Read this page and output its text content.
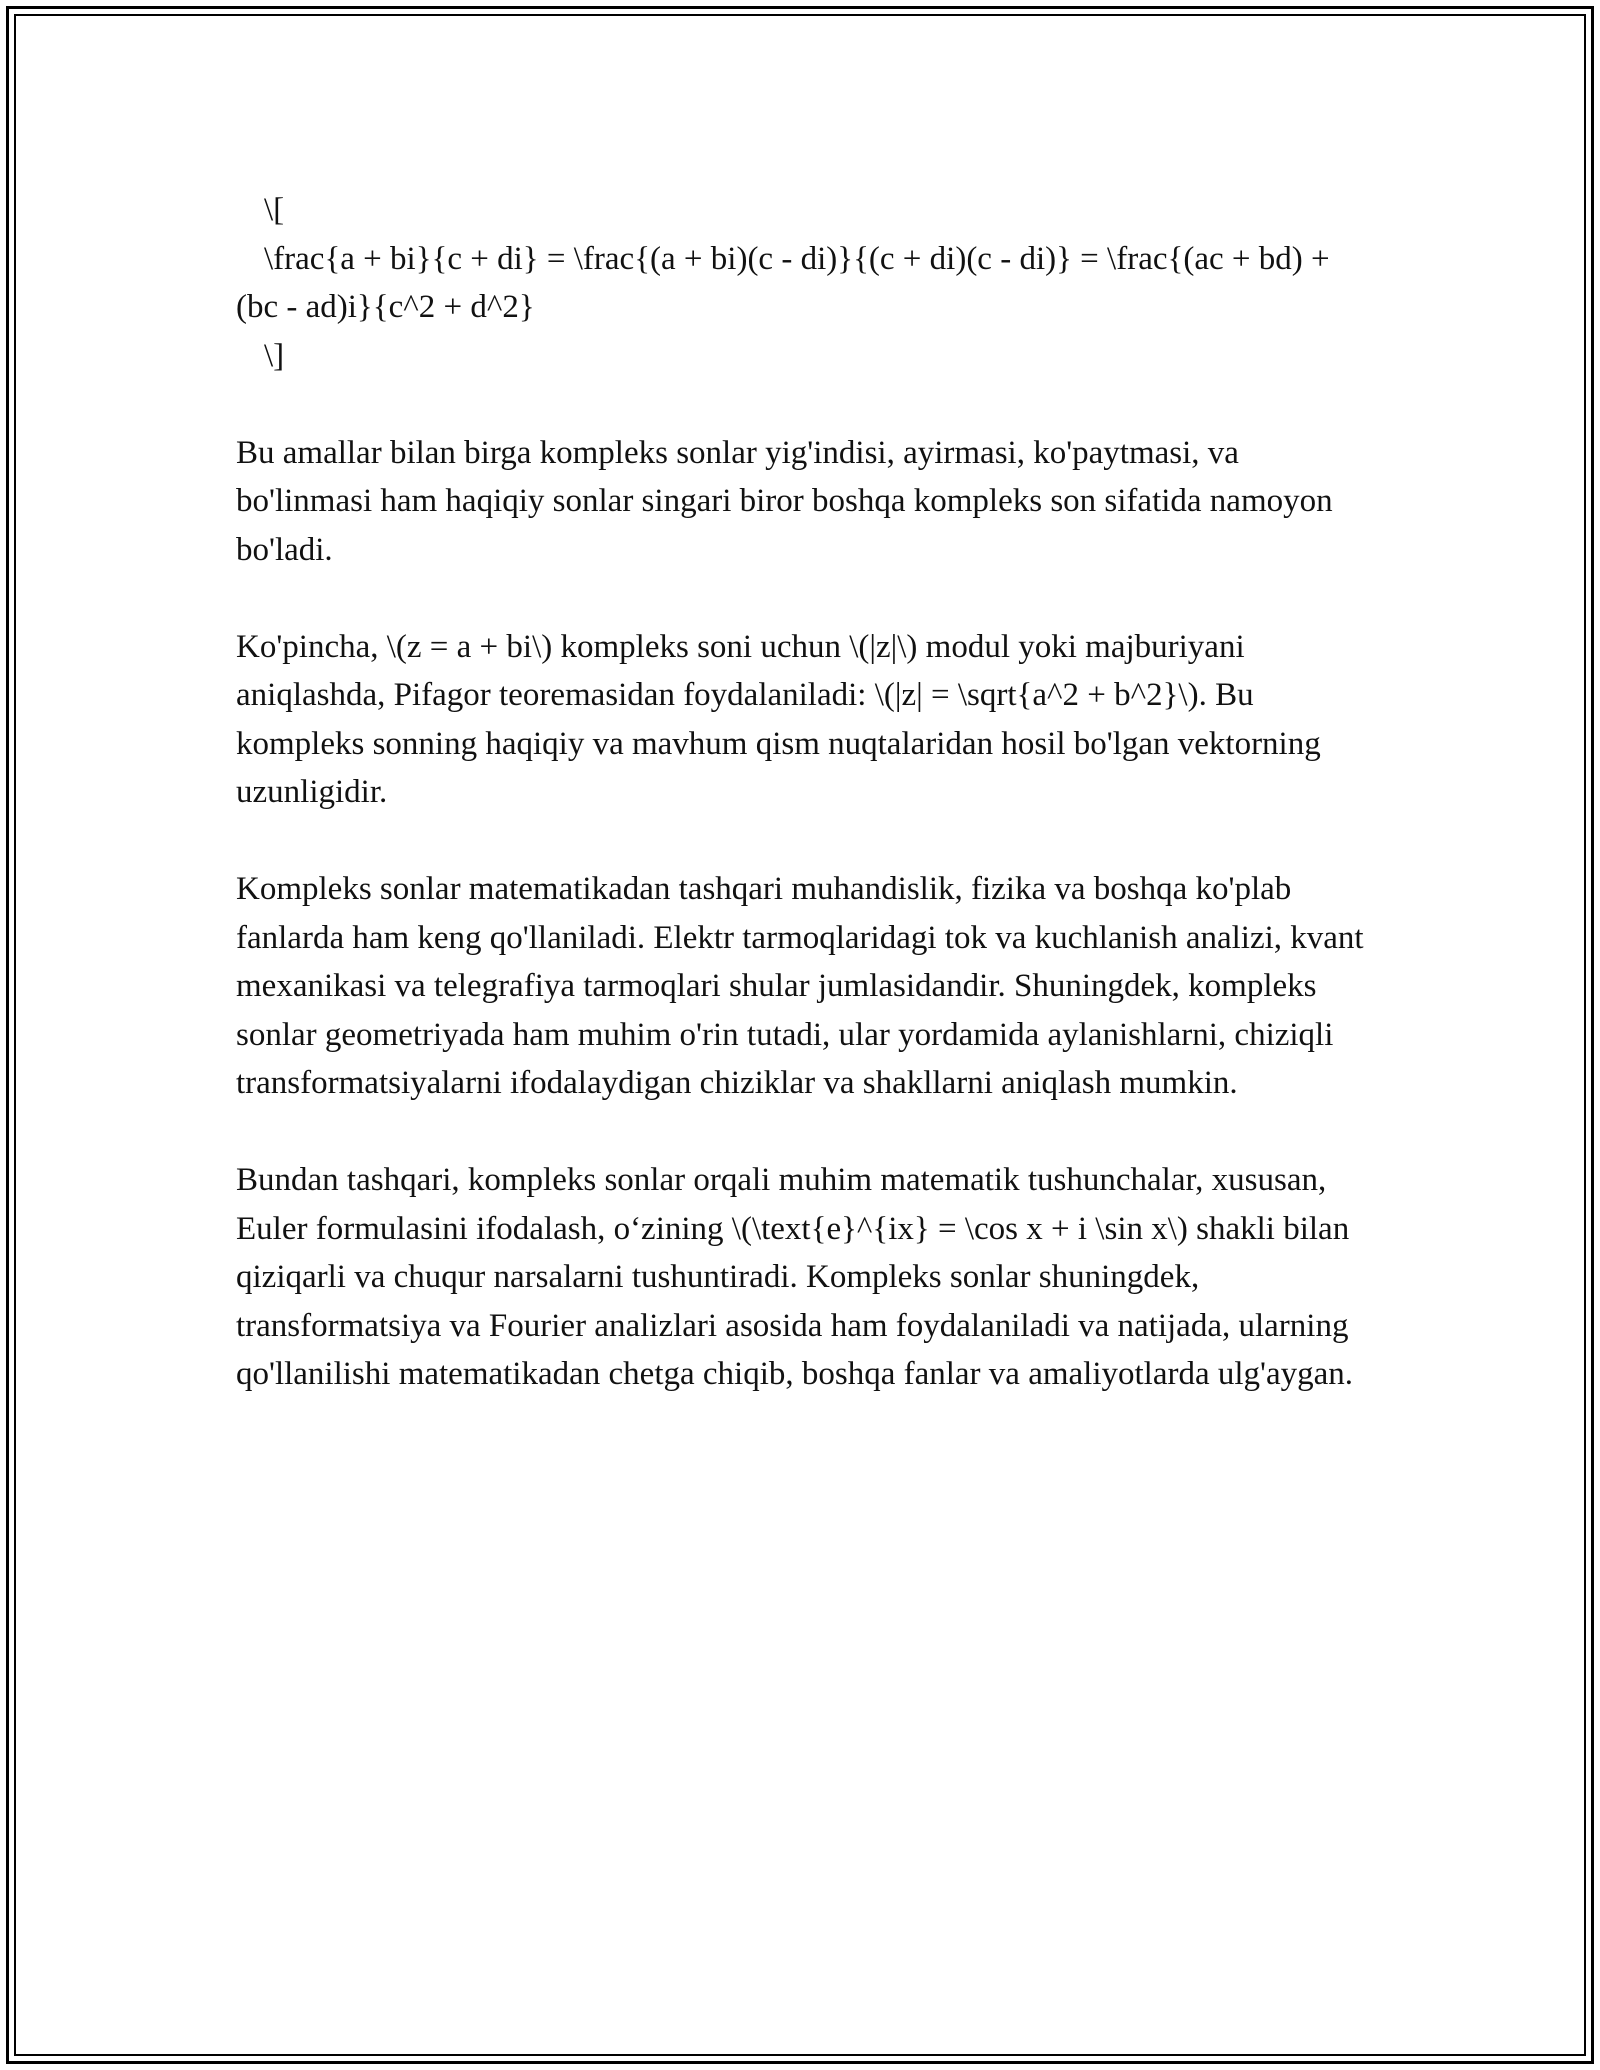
\[
\frac{a + bi}{c + di} = \frac{(a + bi)(c - di)}{(c + di)(c - di)} = \frac{(ac + bd) + (bc - ad)i}{c^2 + d^2}
\]

Bu amallar bilan birga kompleks sonlar yig'indisi, ayirmasi, ko'paytmasi, va bo'linmasi ham haqiqiy sonlar singari biror boshqa kompleks son sifatida namoyon bo'ladi.

Ko'pincha, \(z = a + bi\) kompleks soni uchun \(|z|\) modul yoki majburiyani aniqlashda, Pifagor teoremasidan foydalaniladi: \(|z| = \sqrt{a^2 + b^2}\). Bu kompleks sonning haqiqiy va mavhum qism nuqtalaridan hosil bo'lgan vektorning uzunligidir.

Kompleks sonlar matematikadan tashqari muhandislik, fizika va boshqa ko'plab fanlarda ham keng qo'llaniladi. Elektr tarmoqlaridagi tok va kuchlanish analizi, kvant mexanikasi va telegrafiya tarmoqlari shular jumlasidandir. Shuningdek, kompleks sonlar geometriyada ham muhim o'rin tutadi, ular yordamida aylanishlarni, chiziqli transformatsiyalarni ifodalaydigan chiziklar va shakllarni aniqlash mumkin.

Bundan tashqari, kompleks sonlar orqali muhim matematik tushunchalar, xususan, Euler formulasini ifodalash, o‘zining \(\text{e}^{ix} = \cos x + i \sin x\) shakli bilan qiziqarli va chuqur narsalarni tushuntiradi. Kompleks sonlar shuningdek, transformatsiya va Fourier analizlari asosida ham foydalaniladi va natijada, ularning qo'llanilishi matematikadan chetga chiqib, boshqa fanlar va amaliyotlarda ulg'aygan.
